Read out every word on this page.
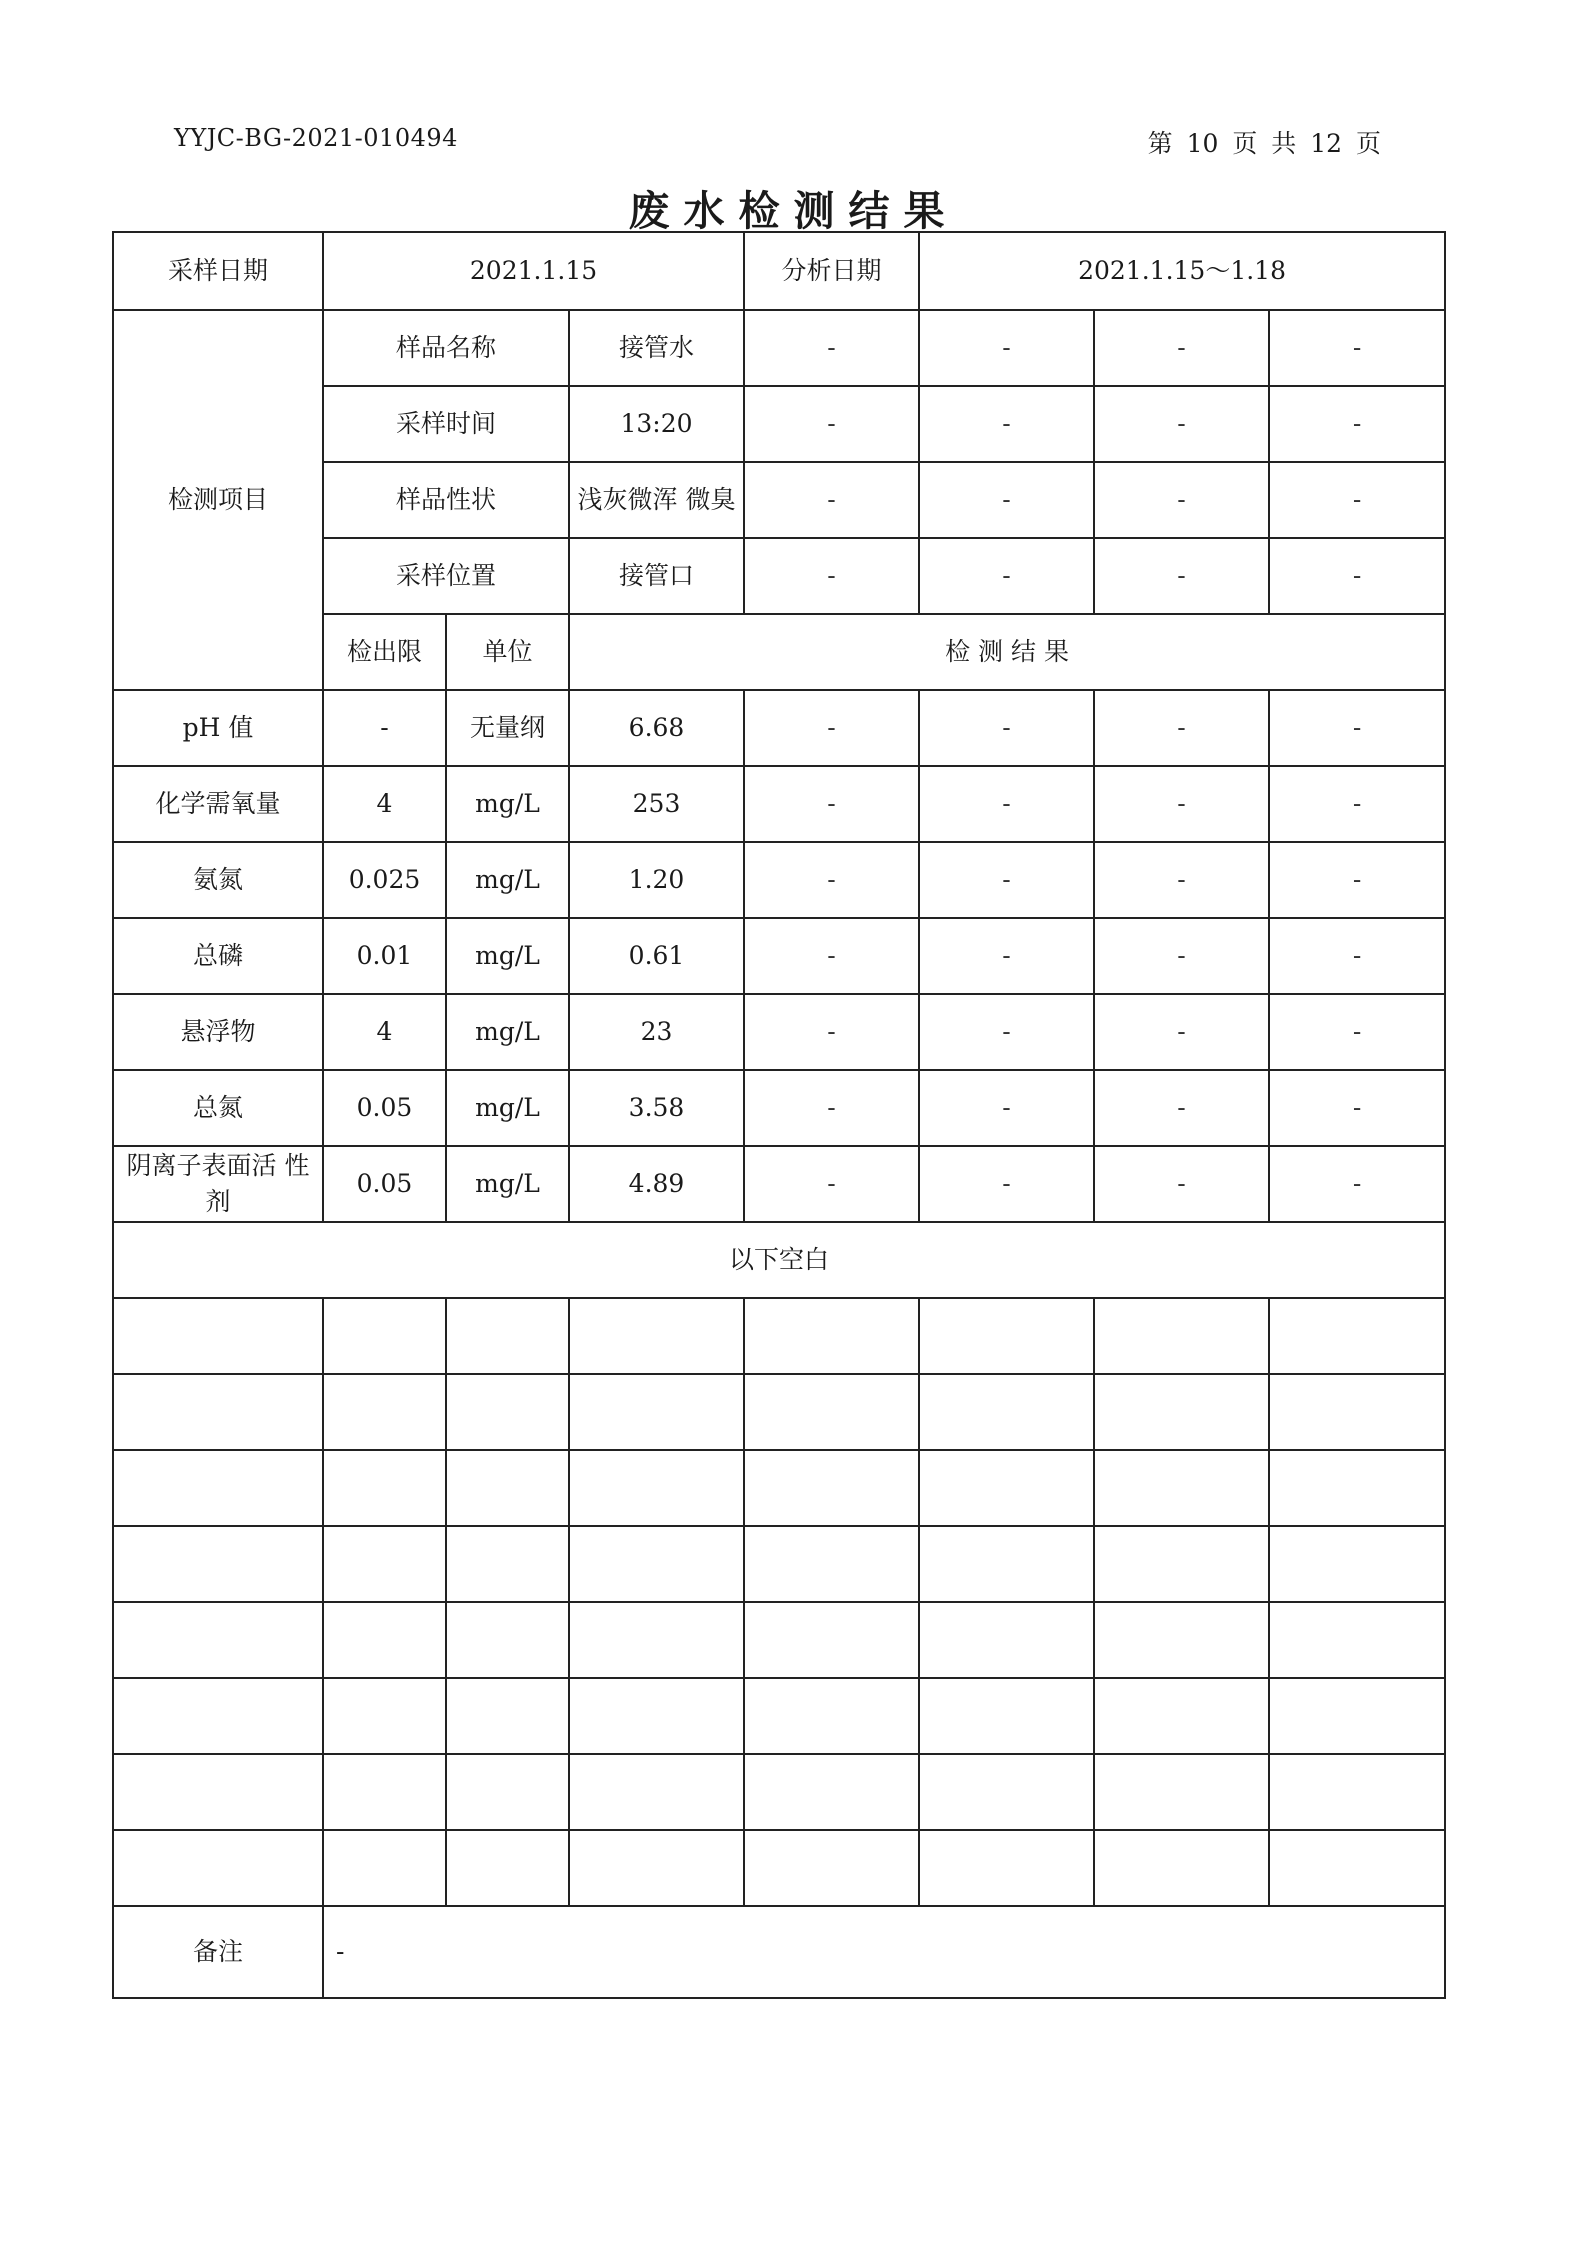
YYJC-BG-2021-010494	第 10 页 共 12 页
废水检测结果
采样日期	2021.1.15			分析日期	2021.1.15～1.18		
检测项目	样品名称		接管水	-	-	-	-
	采样时间		13:20	-	-	-	-
	样品性状		浅灰微浑 微臭	-	-	-	-
	采样位置		接管口	-	-	-	-
	检出限	单位	检 测 结 果				
pH 值	-	无量纲	6.68	-	-	-	-
化学需氧量	4	mg/L	253	-	-	-	-
氨氮	0.025	mg/L	1.20	-	-	-	-
总磷	0.01	mg/L	0.61	-	-	-	-
悬浮物	4	mg/L	23	-	-	-	-
总氮	0.05	mg/L	3.58	-	-	-	-
阴离子表面活 性剂	0.05	mg/L	4.89	-	-	-	-
以下空白							

备注	-						
